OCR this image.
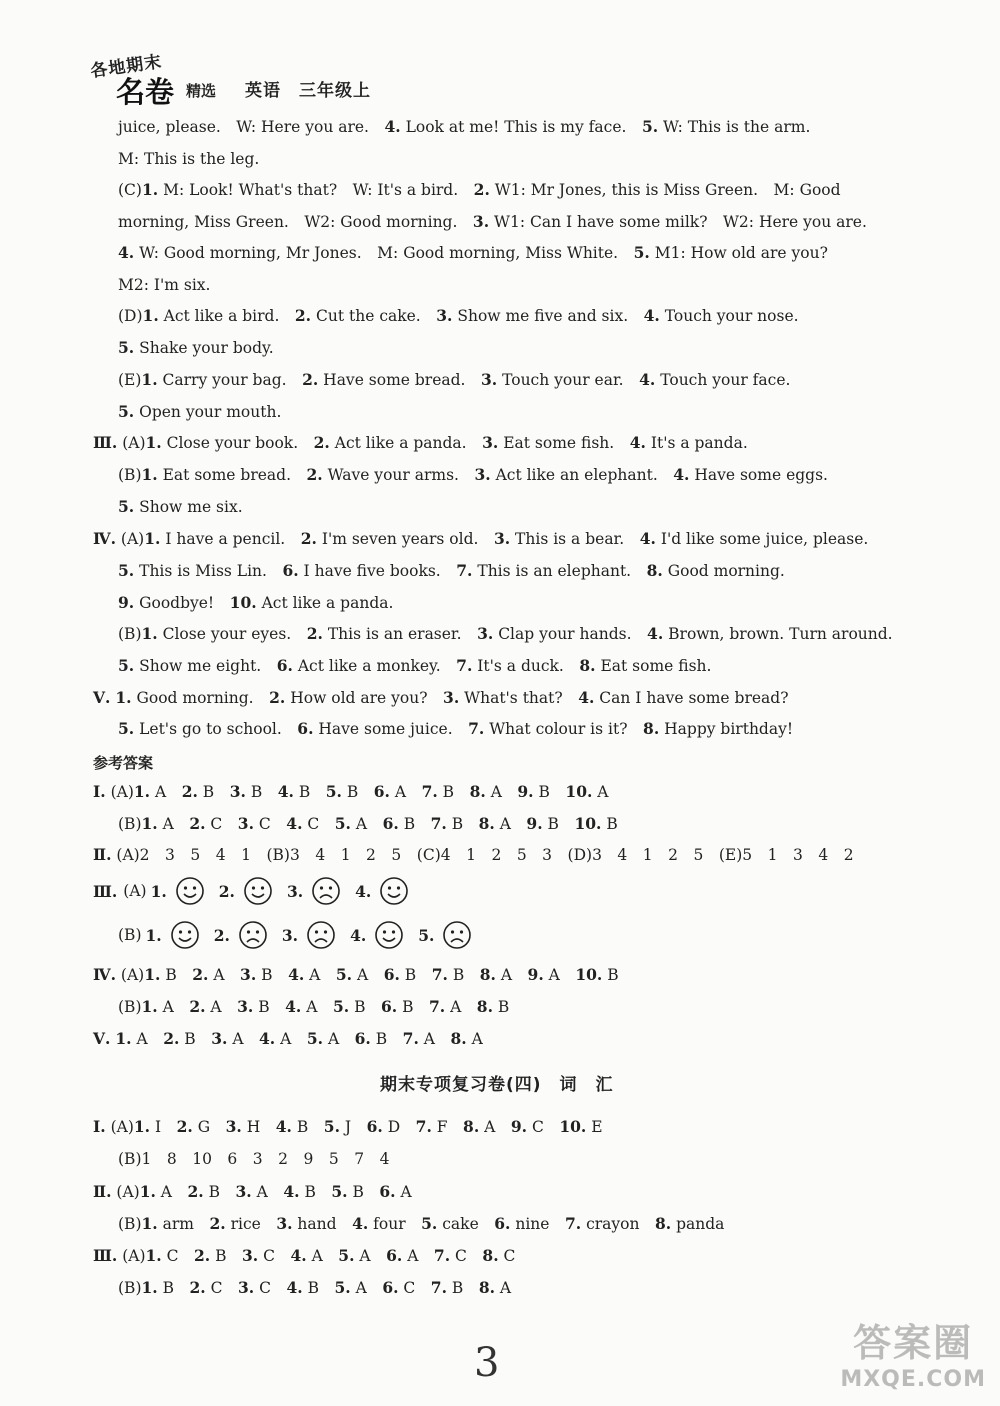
各地期末
名卷 精选 英语　三年级上
juice, please.　W: Here you are.　4. Look at me! This is my face.　5. W: This is the arm.
M: This is the leg.
(C)1. M: Look! What's that?　W: It's a bird.　2. W1: Mr Jones, this is Miss Green.　M: Good
morning, Miss Green.　W2: Good morning.　3. W1: Can I have some milk?　W2: Here you are.
4. W: Good morning, Mr Jones.　M: Good morning, Miss White.　5. M1: How old are you?
M2: I'm six.
(D)1. Act like a bird.　2. Cut the cake.　3. Show me five and six.　4. Touch your nose.
5. Shake your body.
(E)1. Carry your bag.　2. Have some bread.　3. Touch your ear.　4. Touch your face.
5. Open your mouth.
Ⅲ. (A)1. Close your book.　2. Act like a panda.　3. Eat some fish.　4. It's a panda.
(B)1. Eat some bread.　2. Wave your arms.　3. Act like an elephant.　4. Have some eggs.
5. Show me six.
Ⅳ. (A)1. I have a pencil.　2. I'm seven years old.　3. This is a bear.　4. I'd like some juice, please.
5. This is Miss Lin.　6. I have five books.　7. This is an elephant.　8. Good morning.
9. Goodbye!　10. Act like a panda.
(B)1. Close your eyes.　2. This is an eraser.　3. Clap your hands.　4. Brown, brown. Turn around.
5. Show me eight.　6. Act like a monkey.　7. It's a duck.　8. Eat some fish.
Ⅴ. 1. Good morning.　2. How old are you?　3. What's that?　4. Can I have some bread?
5. Let's go to school.　6. Have some juice.　7. What colour is it?　8. Happy birthday!
参考答案
Ⅰ. (A)1. A　2. B　3. B　4. B　5. B　6. A　7. B　8. A　9. B　10. A
(B)1. A　2. C　3. C　4. C　5. A　6. B　7. B　8. A　9. B　10. B
Ⅱ. (A)2　3　5　4　1　(B)3　4　1　2　5　(C)4　1　2　5　3　(D)3　4　1　2　5　(E)5　1　3　4　2
Ⅲ. (A) 1.	2.	3.	4.
(B) 1.	2.	3.	4.	5.
Ⅳ. (A)1. B　2. A　3. B　4. A　5. A　6. B　7. B　8. A　9. A　10. B
(B)1. A　2. A　3. B　4. A　5. B　6. B　7. A　8. B
Ⅴ. 1. A　2. B　3. A　4. A　5. A　6. B　7. A　8. A
期末专项复习卷(四)　词　汇
Ⅰ. (A)1. I　2. G　3. H　4. B　5. J　6. D　7. F　8. A　9. C　10. E
(B)1　8　10　6　3　2　9　5　7　4
Ⅱ. (A)1. A　2. B　3. A　4. B　5. B　6. A
(B)1. arm　2. rice　3. hand　4. four　5. cake　6. nine　7. crayon　8. panda
Ⅲ. (A)1. C　2. B　3. C　4. A　5. A　6. A　7. C　8. C
(B)1. B　2. C　3. C　4. B　5. A　6. C　7. B　8. A
3	答案圈
MXQE.COM
